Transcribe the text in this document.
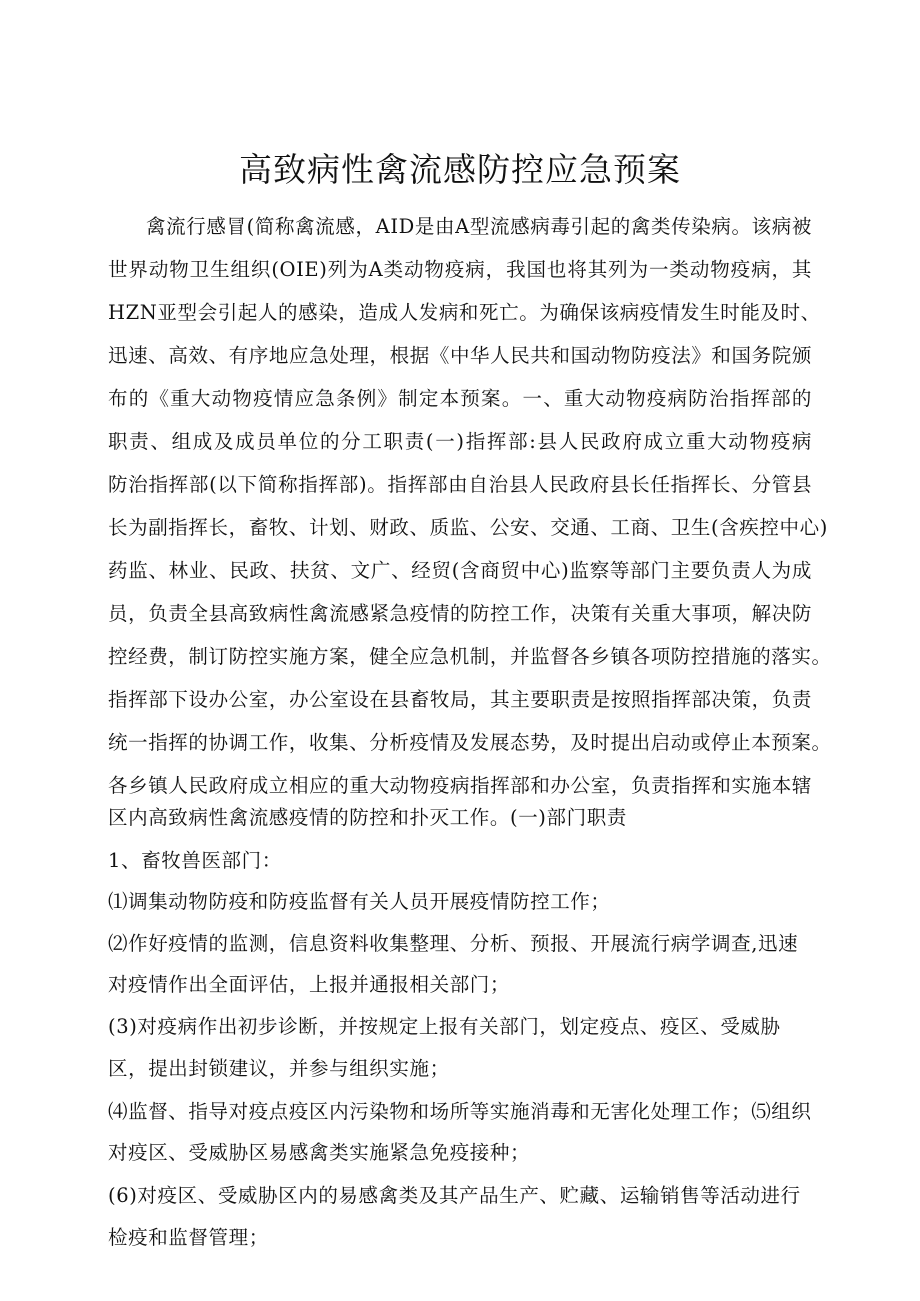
高致病性禽流感防控应急预案
禽流行感冒(简称禽流感，AID是由A型流感病毒引起的禽类传染病。该病被
世界动物卫生组织(OIE)列为A类动物疫病，我国也将其列为一类动物疫病，其
HZN亚型会引起人的感染，造成人发病和死亡。为确保该病疫情发生时能及时、
迅速、高效、有序地应急处理，根据《中华人民共和国动物防疫法》和国务院颁
布的《重大动物疫情应急条例》制定本预案。一、重大动物疫病防治指挥部的
职责、组成及成员单位的分工职责(一)指挥部:县人民政府成立重大动物疫病
防治指挥部(以下简称指挥部)。指挥部由自治县人民政府县长任指挥长、分管县
长为副指挥长，畜牧、计划、财政、质监、公安、交通、工商、卫生(含疾控中心)
药监、林业、民政、扶贫、文广、经贸(含商贸中心)监察等部门主要负责人为成
员，负责全县高致病性禽流感紧急疫情的防控工作，决策有关重大事项，解决防
控经费，制订防控实施方案，健全应急机制，并监督各乡镇各项防控措施的落实。
指挥部下设办公室，办公室设在县畜牧局，其主要职责是按照指挥部决策，负责
统一指挥的协调工作，收集、分析疫情及发展态势，及时提出启动或停止本预案。
各乡镇人民政府成立相应的重大动物疫病指挥部和办公室，负责指挥和实施本辖
区内高致病性禽流感疫情的防控和扑灭工作。(一)部门职责
1、畜牧兽医部门：
⑴调集动物防疫和防疫监督有关人员开展疫情防控工作；
⑵作好疫情的监测，信息资料收集整理、分析、预报、开展流行病学调查,迅速
对疫情作出全面评估，上报并通报相关部门；
(3)对疫病作出初步诊断，并按规定上报有关部门，划定疫点、疫区、受威胁
区，提出封锁建议，并参与组织实施；
⑷监督、指导对疫点疫区内污染物和场所等实施消毒和无害化处理工作；⑸组织
对疫区、受威胁区易感禽类实施紧急免疫接种；
(6)对疫区、受威胁区内的易感禽类及其产品生产、贮藏、运输销售等活动进行
检疫和监督管理；
